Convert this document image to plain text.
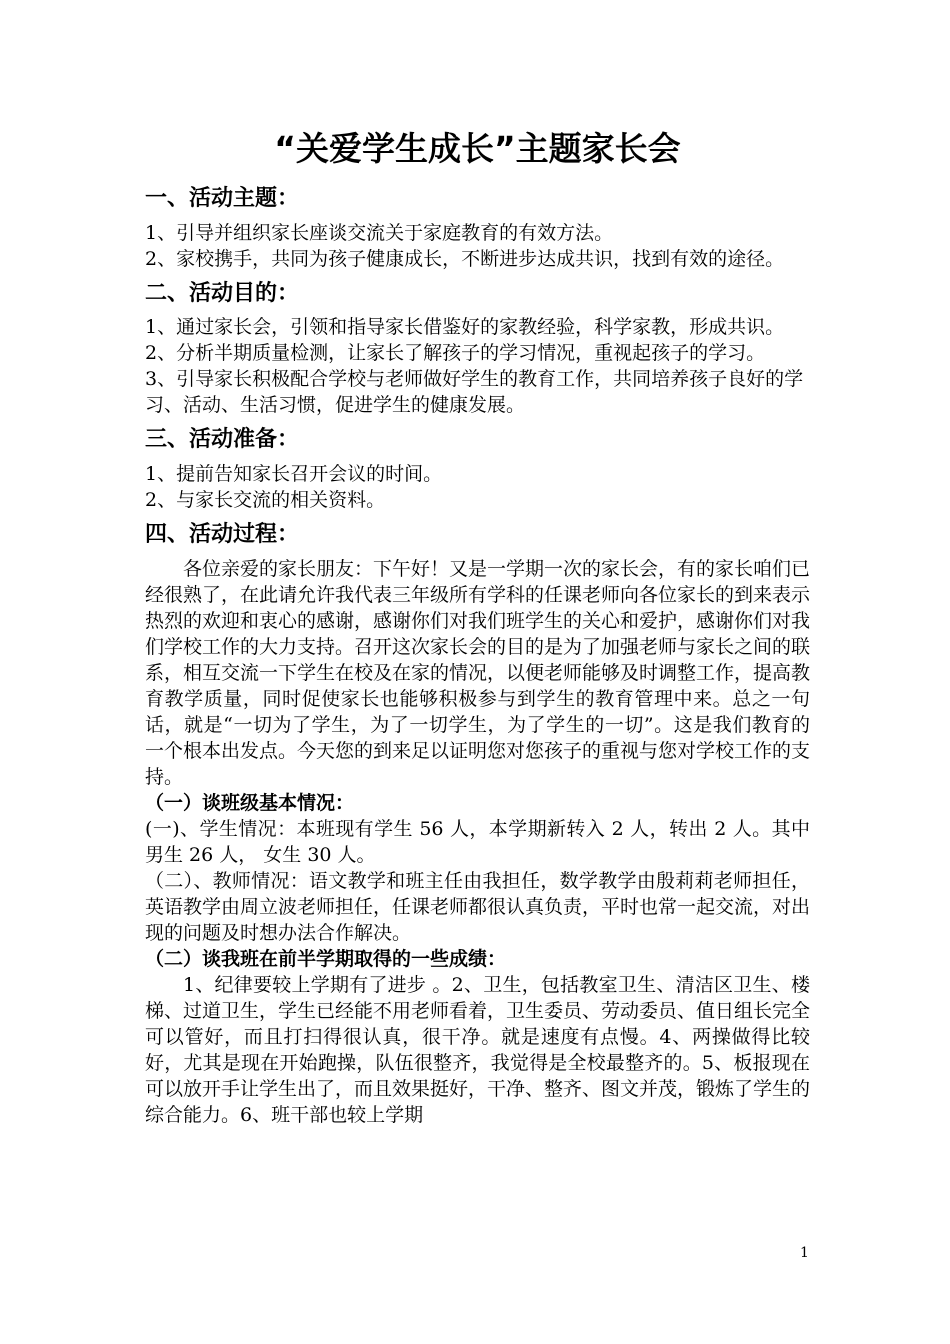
“关爱学生成长”主题家长会
一、活动主题：

1、引导并组织家长座谈交流关于家庭教育的有效方法。

2、家校携手，共同为孩子健康成长，不断进步达成共识，找到有效的途径。

二、活动目的：

1、通过家长会，引领和指导家长借鉴好的家教经验，科学家教，形成共识。

2、分析半期质量检测，让家长了解孩子的学习情况，重视起孩子的学习。

3、引导家长积极配合学校与老师做好学生的教育工作，共同培养孩子良好的学习、活动、生活习惯，促进学生的健康发展。

三、活动准备：

1、提前告知家长召开会议的时间。

2、与家长交流的相关资料。

四、活动过程：

各位亲爱的家长朋友：下午好！又是一学期一次的家长会，有的家长咱们已经很熟了，在此请允许我代表三年级所有学科的任课老师向各位家长的到来表示热烈的欢迎和衷心的感谢，感谢你们对我们班学生的关心和爱护，感谢你们对我们学校工作的大力支持。召开这次家长会的目的是为了加强老师与家长之间的联系，相互交流一下学生在校及在家的情况，以便老师能够及时调整工作，提高教育教学质量，同时促使家长也能够积极参与到学生的教育管理中来。总之一句话，就是“一切为了学生，为了一切学生，为了学生的一切”。这是我们教育的一个根本出发点。今天您的到来足以证明您对您孩子的重视与您对学校工作的支持。

（一）谈班级基本情况：

(一)、学生情况：本班现有学生 56 人，本学期新转入 2 人，转出 2 人。其中男生 26 人， 女生 30 人。

（二）、教师情况：语文教学和班主任由我担任，数学教学由殷莉莉老师担任，英语教学由周立波老师担任，任课老师都很认真负责，平时也常一起交流，对出现的问题及时想办法合作解决。

（二）谈我班在前半学期取得的一些成绩：

1、纪律要较上学期有了进步 。2、卫生，包括教室卫生、清洁区卫生、楼梯、过道卫生，学生已经能不用老师看着，卫生委员、劳动委员、值日组长完全可以管好，而且打扫得很认真，很干净。就是速度有点慢。4、两操做得比较好，尤其是现在开始跑操，队伍很整齐，我觉得是全校最整齐的。5、板报现在可以放开手让学生出了，而且效果挺好，干净、整齐、图文并茂，锻炼了学生的综合能力。6、班干部也较上学期

1
